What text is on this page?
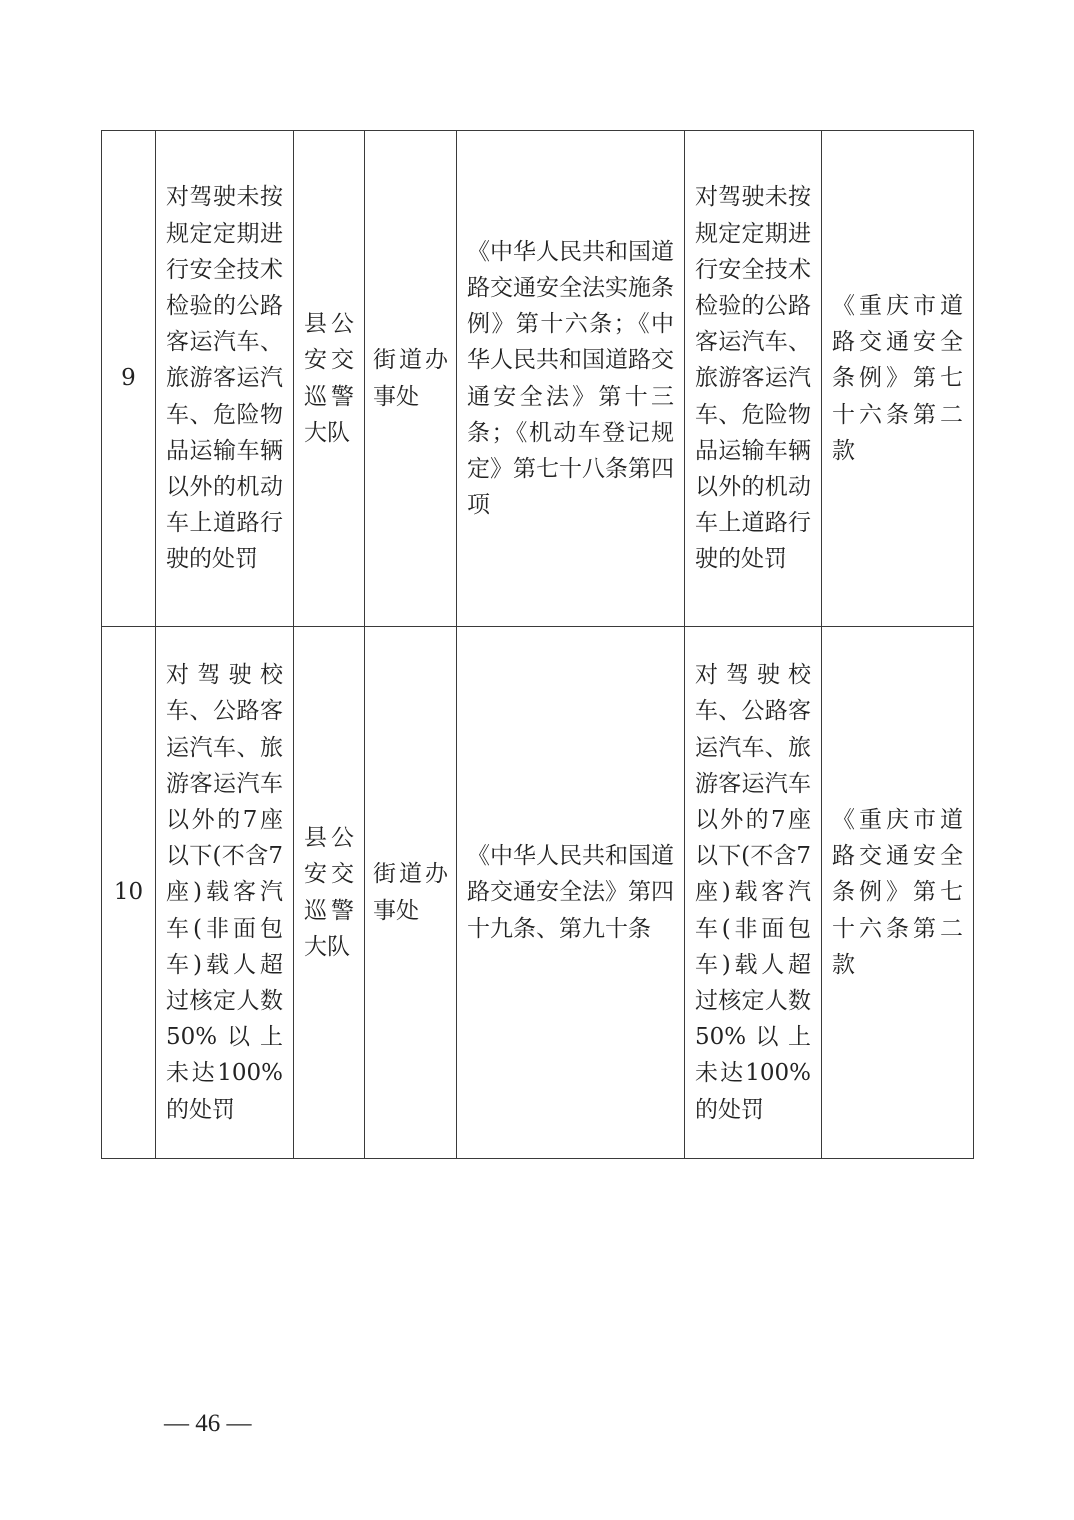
9	对驾驶未按规定定期进行安全技术检验的公路客运汽车、旅游客运汽车、危险物品运输车辆以外的机动车上道路行驶的处罚	县公安交巡警大队	街道办事处	《中华人民共和国道路交通安全法实施条例》第十六条；《中华人民共和国道路交通安全法》第十三条；《机动车登记规定》第七十八条第四项	对驾驶未按规定定期进行安全技术检验的公路客运汽车、旅游客运汽车、危险物品运输车辆以外的机动车上道路行驶的处罚	《重庆市道路交通安全条例》第七十六条第二款
10	对驾驶校车、公路客运汽车、旅游客运汽车以外的7座以下(不含7座)载客汽车(非面包车)载人超过核定人数50%以上未达100%的处罚	县公安交巡警大队	街道办事处	《中华人民共和国道路交通安全法》第四十九条、第九十条	对驾驶校车、公路客运汽车、旅游客运汽车以外的7座以下(不含7座)载客汽车(非面包车)载人超过核定人数50%以上未达100%的处罚	《重庆市道路交通安全条例》第七十六条第二款
— 46 —
